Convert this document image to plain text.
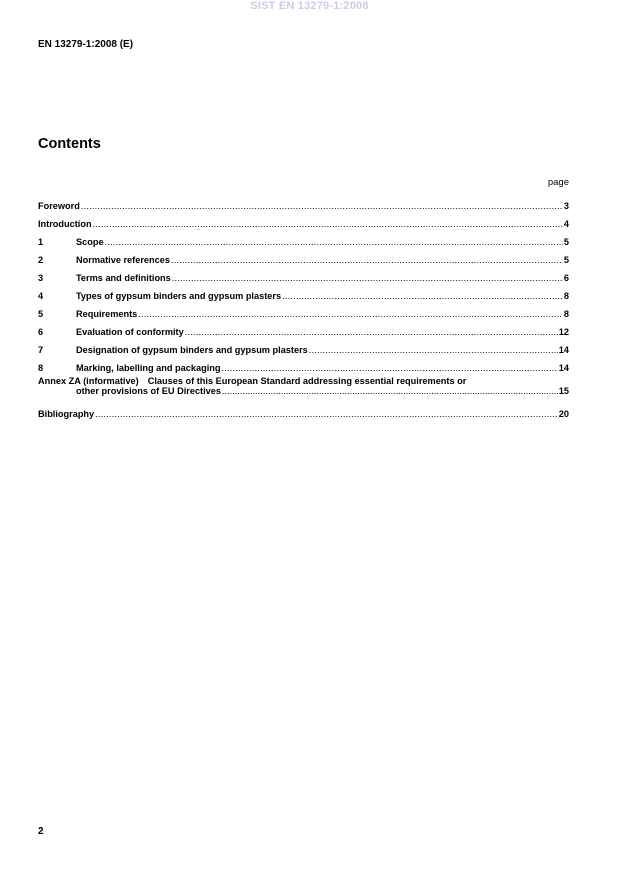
SIST EN 13279-1:2008
EN 13279-1:2008 (E)
Contents
page
Foreword .....	3
Introduction .....	4
1	Scope .....	5
2	Normative references .....	5
3	Terms and definitions .....	6
4	Types of gypsum binders and gypsum plasters .....	8
5	Requirements .....	8
6	Evaluation of conformity .....	12
7	Designation of gypsum binders and gypsum plasters .....	14
8	Marking, labelling and packaging .....	14
Annex ZA (informative) Clauses of this European Standard addressing essential requirements or
other provisions of EU Directives .....	15
Bibliography .....	20
2
